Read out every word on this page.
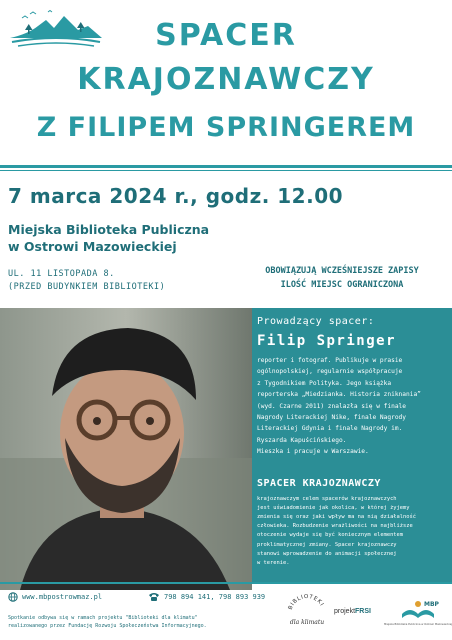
SPACER
KRAJOZNAWCZY
Z FILIPEM SPRINGEREM
7 marca 2024 r., godz. 12.00
Miejska Biblioteka Publiczna
w Ostrowi Mazowieckiej
UL. 11 LISTOPADA 8.
(PRZED BUDYNKIEM BIBLIOTEKI)
OBOWIĄZUJĄ WCZEŚNIEJSZE ZAPISY
ILOŚĆ MIEJSC OGRANICZONA
Prowadzący spacer:
Filip Springer
reporter i fotograf. Publikuje w prasie
ogólnopolskiej, regularnie współpracuje
z Tygodnikiem Polityka. Jego książka
reporterska „Miedzianka. Historia zniknania”
(wyd. Czarne 2011) znalazła się w finale
Nagrody Literackiej Nike, finale Nagrody
Literackiej Gdynia i finale Nagrody im.
Ryszarda Kapuścińskiego.
Mieszka i pracuje w Warszawie.
SPACER KRAJOZNAWCZY
krajoznawczym celem spacerów krajoznawczych
jest uświadomienie jak okolica, w której żyjemy
zmienia się oraz jaki wpływ ma na nią działalność
człowieka. Rozbudzenie wrażliwości na najbliższe
otoczenie wydaje się być koniecznym elementem
proklimatycznej zmiany. Spacer krajoznawczy
stanowi wprowadzenie do animacji społecznej
w terenie.
www.mbpostrowmaz.pl	798 894 141, 798 893 939
Spotkanie odbywa się w ramach projektu "Biblioteki dla klimatu"
realizowanego przez Fundację Rozwoju Społeczeństwa Informacyjnego.
BIBLIOTEKI
dla klimatu
projektFRSI
MBP
Miejska Biblioteka Publiczna w Ostrowi Mazowieckiej
